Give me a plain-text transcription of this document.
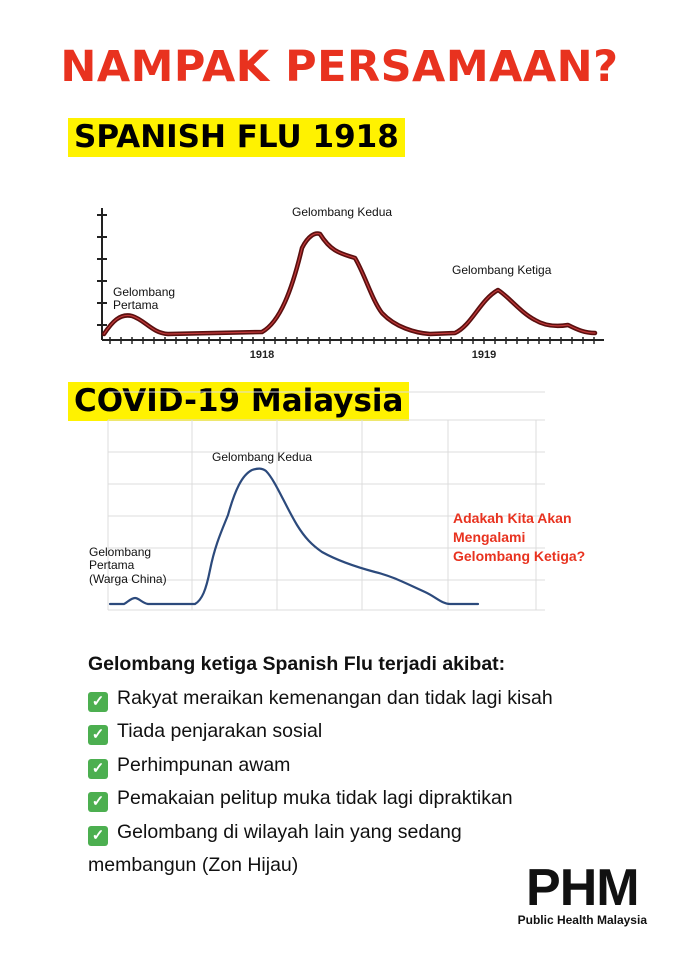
NAMPAK PERSAMAAN?
SPANISH FLU 1918
1918	1919
Gelombang
Pertama
Gelombang Kedua
Gelombang Ketiga
COVID-19 Malaysia
Gelombang Kedua
Gelombang
Pertama
(Warga China)
Adakah Kita Akan
Mengalami
Gelombang Ketiga?
Gelombang ketiga Spanish Flu terjadi akibat:
✓ Rakyat meraikan kemenangan dan tidak lagi kisah
✓ Tiada penjarakan sosial
✓ Perhimpunan awam
✓ Pemakaian pelitup muka tidak lagi dipraktikan
✓ Gelombang di wilayah lain yang sedang
membangun (Zon Hijau)	PHM
Public Health Malaysia
